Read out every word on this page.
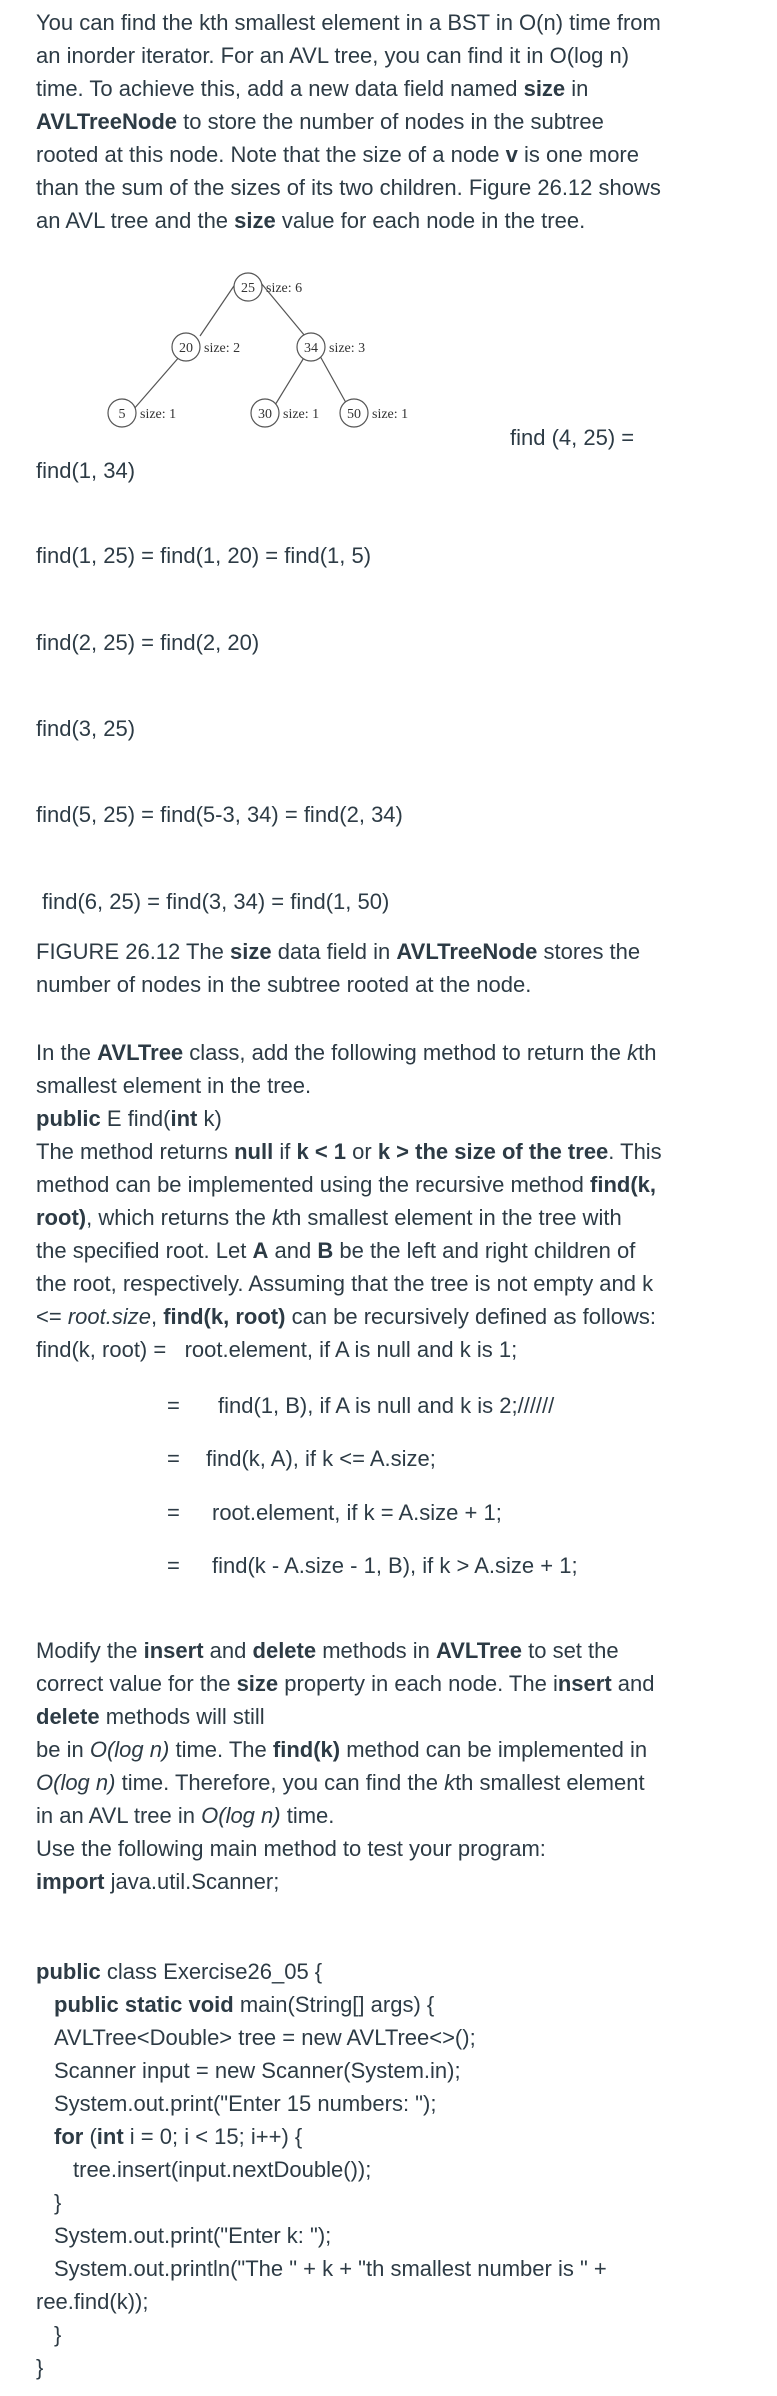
You can find the kth smallest element in a BST in O(n) time from
an inorder iterator. For an AVL tree, you can find it in O(log n)
time. To achieve this, add a new data field named size in
AVLTreeNode to store the number of nodes in the subtree
rooted at this node. Note that the size of a node v is one more
than the sum of the sizes of its two children. Figure 26.12 shows
an AVL tree and the size value for each node in the tree.
25 size: 6
20 size: 2	34 size: 3
5 size: 1	30 size: 1 50 size: 1
find (4, 25) =
find(1, 34)
find(1, 25) = find(1, 20) = find(1, 5)
find(2, 25) = find(2, 20)
find(3, 25)
find(5, 25) = find(5-3, 34) = find(2, 34)
find(6, 25) = find(3, 34) = find(1, 50)
FIGURE 26.12 The size data field in AVLTreeNode stores the
number of nodes in the subtree rooted at the node.
In the AVLTree class, add the following method to return the kth
smallest element in the tree.
public E find(int k)
The method returns null if k < 1 or k > the size of the tree. This
method can be implemented using the recursive method find(k,
root), which returns the kth smallest element in the tree with
the specified root. Let A and B be the left and right children of
the root, respectively. Assuming that the tree is not empty and k
<= root.size, find(k, root) can be recursively defined as follows:
find(k, root) = root.element, if A is null and k is 1;
= find(1, B), if A is null and k is 2;//////
= find(k, A), if k <= A.size;
= root.element, if k = A.size + 1;
= find(k - A.size - 1, B), if k > A.size + 1;
Modify the insert and delete methods in AVLTree to set the
correct value for the size property in each node. The insert and
delete methods will still
be in O(log n) time. The find(k) method can be implemented in
O(log n) time. Therefore, you can find the kth smallest element
in an AVL tree in O(log n) time.
Use the following main method to test your program:
import java.util.Scanner;
public class Exercise26_05 {
public static void main(String[] args) {
AVLTree<Double> tree = new AVLTree<>();
Scanner input = new Scanner(System.in);
System.out.print("Enter 15 numbers: ");
for (int i = 0; i < 15; i++) {
tree.insert(input.nextDouble());
}
System.out.print("Enter k: ");
System.out.println("The " + k + "th smallest number is " +
ree.find(k));
}
}
